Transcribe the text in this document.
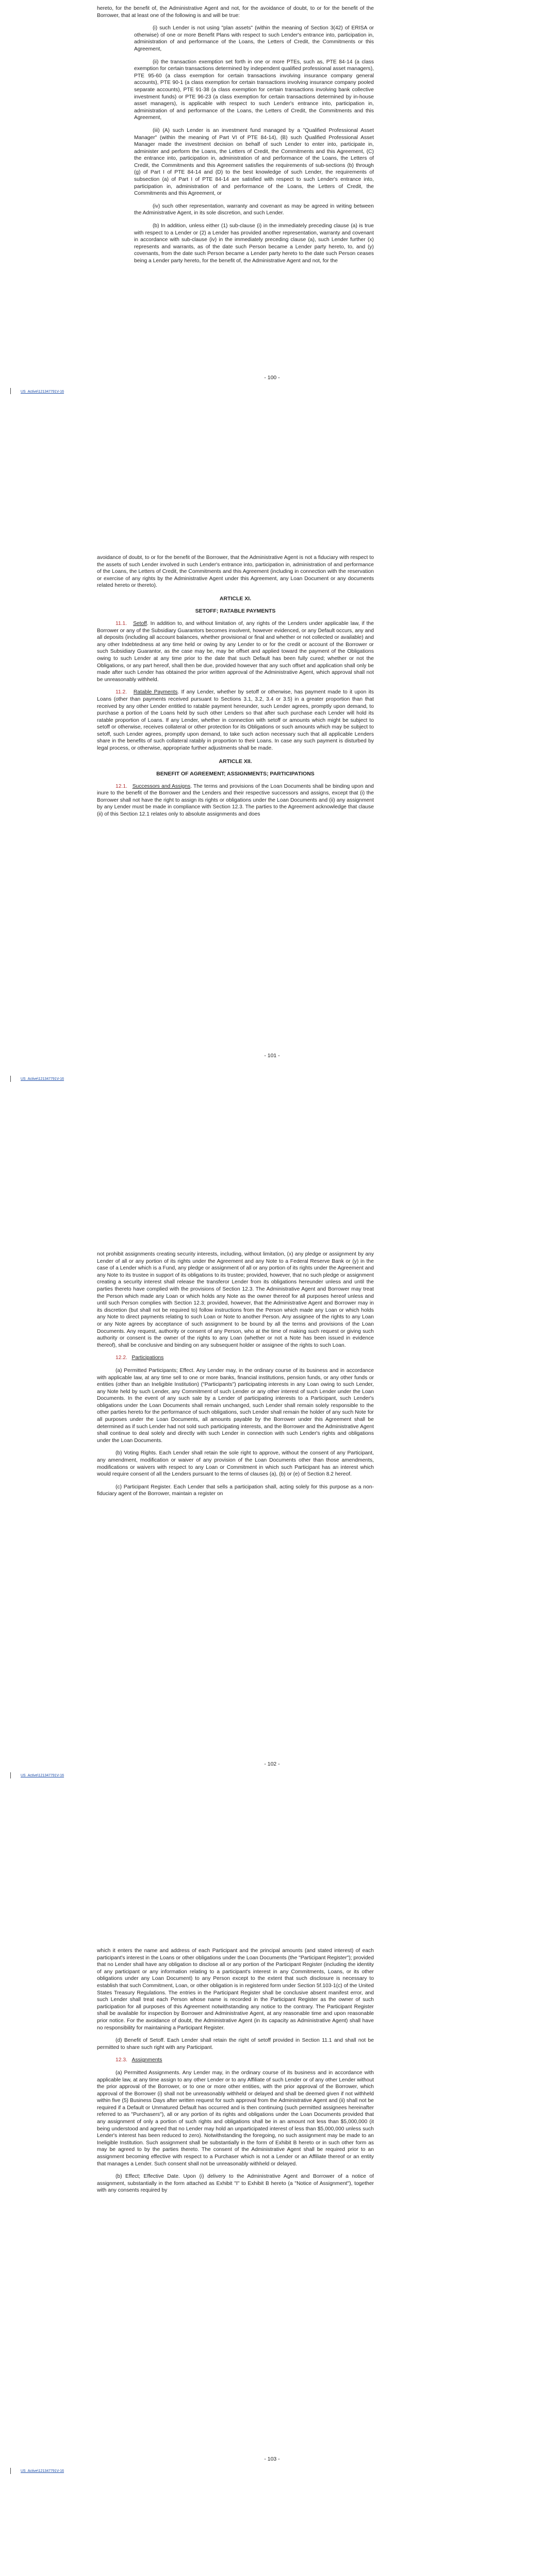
hereto, for the benefit of, the Administrative Agent and not, for the avoidance of doubt, to or for the benefit of the Borrower, that at least one of the following is and will be true:

(i) such Lender is not using "plan assets" (within the meaning of Section 3(42) of ERISA or otherwise) of one or more Benefit Plans with respect to such Lender's entrance into, participation in, administration of and performance of the Loans, the Letters of Credit, the Commitments or this Agreement,

(ii) the transaction exemption set forth in one or more PTEs, such as, PTE 84-14 (a class exemption for certain transactions determined by independent qualified professional asset managers), PTE 95-60 (a class exemption for certain transactions involving insurance company general accounts), PTE 90-1 (a class exemption for certain transactions involving insurance company pooled separate accounts), PTE 91-38 (a class exemption for certain transactions involving bank collective investment funds) or PTE 96-23 (a class exemption for certain transactions determined by in-house asset managers), is applicable with respect to such Lender's entrance into, participation in, administration of and performance of the Loans, the Letters of Credit, the Commitments and this Agreement,

(iii) (A) such Lender is an investment fund managed by a "Qualified Professional Asset Manager" (within the meaning of Part VI of PTE 84-14), (B) such Qualified Professional Asset Manager made the investment decision on behalf of such Lender to enter into, participate in, administer and perform the Loans, the Letters of Credit, the Commitments and this Agreement, (C) the entrance into, participation in, administration of and performance of the Loans, the Letters of Credit, the Commitments and this Agreement satisfies the requirements of sub-sections (b) through (g) of Part I of PTE 84-14 and (D) to the best knowledge of such Lender, the requirements of subsection (a) of Part I of PTE 84-14 are satisfied with respect to such Lender's entrance into, participation in, administration of and performance of the Loans, the Letters of Credit, the Commitments and this Agreement, or

(iv) such other representation, warranty and covenant as may be agreed in writing between the Administrative Agent, in its sole discretion, and such Lender.

(b) In addition, unless either (1) sub-clause (i) in the immediately preceding clause (a) is true with respect to a Lender or (2) a Lender has provided another representation, warranty and covenant in accordance with sub-clause (iv) in the immediately preceding clause (a), such Lender further (x) represents and warrants, as of the date such Person became a Lender party hereto, to, and (y) covenants, from the date such Person became a Lender party hereto to the date such Person ceases being a Lender party hereto, for the benefit of, the Administrative Agent and not, for the

- 100 -
US_Active\121347791V-16

avoidance of doubt, to or for the benefit of the Borrower, that the Administrative Agent is not a fiduciary with respect to the assets of such Lender involved in such Lender's entrance into, participation in, administration of and performance of the Loans, the Letters of Credit, the Commitments and this Agreement (including in connection with the reservation or exercise of any rights by the Administrative Agent under this Agreement, any Loan Document or any documents related hereto or thereto).

ARTICLE XI.
SETOFF; RATABLE PAYMENTS

11.1. Setoff. In addition to, and without limitation of, any rights of the Lenders under applicable law, if the Borrower or any of the Subsidiary Guarantors becomes insolvent, however evidenced, or any Default occurs, any and all deposits (including all account balances, whether provisional or final and whether or not collected or available) and any other Indebtedness at any time held or owing by any Lender to or for the credit or account of the Borrower or such Subsidiary Guarantor, as the case may be, may be offset and applied toward the payment of the Obligations owing to such Lender at any time prior to the date that such Default has been fully cured; whether or not the Obligations, or any part hereof, shall then be due, provided however that any such offset and application shall only be made after such Lender has obtained the prior written approval of the Administrative Agent, which approval shall not be unreasonably withheld.

11.2. Ratable Payments. If any Lender, whether by setoff or otherwise, has payment made to it upon its Loans (other than payments received pursuant to Sections 3.1, 3.2, 3.4 or 3.5) in a greater proportion than that received by any other Lender entitled to ratable payment hereunder, such Lender agrees, promptly upon demand, to purchase a portion of the Loans held by such other Lenders so that after such purchase each Lender will hold its ratable proportion of Loans. If any Lender, whether in connection with setoff or amounts which might be subject to setoff or otherwise, receives collateral or other protection for its Obligations or such amounts which may be subject to setoff, such Lender agrees, promptly upon demand, to take such action necessary such that all applicable Lenders share in the benefits of such collateral ratably in proportion to their Loans. In case any such payment is disturbed by legal process, or otherwise, appropriate further adjustments shall be made.

ARTICLE XII.
BENEFIT OF AGREEMENT; ASSIGNMENTS; PARTICIPATIONS

12.1. Successors and Assigns. The terms and provisions of the Loan Documents shall be binding upon and inure to the benefit of the Borrower and the Lenders and their respective successors and assigns, except that (i) the Borrower shall not have the right to assign its rights or obligations under the Loan Documents and (ii) any assignment by any Lender must be made in compliance with Section 12.3. The parties to the Agreement acknowledge that clause (ii) of this Section 12.1 relates only to absolute assignments and does

- 101 -
US_Active\121347791V-16

not prohibit assignments creating security interests, including, without limitation, (x) any pledge or assignment by any Lender of all or any portion of its rights under the Agreement and any Note to a Federal Reserve Bank or (y) in the case of a Lender which is a Fund, any pledge or assignment of all or any portion of its rights under the Agreement and any Note to its trustee in support of its obligations to its trustee; provided, however, that no such pledge or assignment creating a security interest shall release the transferor Lender from its obligations hereunder unless and until the parties thereto have complied with the provisions of Section 12.3. The Administrative Agent and Borrower may treat the Person which made any Loan or which holds any Note as the owner thereof for all purposes hereof unless and until such Person complies with Section 12.3; provided, however, that the Administrative Agent and Borrower may in its discretion (but shall not be required to) follow instructions from the Person which made any Loan or which holds any Note to direct payments relating to such Loan or Note to another Person. Any assignee of the rights to any Loan or any Note agrees by acceptance of such assignment to be bound by all the terms and provisions of the Loan Documents. Any request, authority or consent of any Person, who at the time of making such request or giving such authority or consent is the owner of the rights to any Loan (whether or not a Note has been issued in evidence thereof), shall be conclusive and binding on any subsequent holder or assignee of the rights to such Loan.

12.2. Participations

(a) Permitted Participants; Effect. Any Lender may, in the ordinary course of its business and in accordance with applicable law, at any time sell to one or more banks, financial institutions, pension funds, or any other funds or entities (other than an Ineligible Institution) ("Participants") participating interests in any Loan owing to such Lender, any Note held by such Lender, any Commitment of such Lender or any other interest of such Lender under the Loan Documents. In the event of any such sale by a Lender of participating interests to a Participant, such Lender's obligations under the Loan Documents shall remain unchanged, such Lender shall remain solely responsible to the other parties hereto for the performance of such obligations, such Lender shall remain the holder of any such Note for all purposes under the Loan Documents, all amounts payable by the Borrower under this Agreement shall be determined as if such Lender had not sold such participating interests, and the Borrower and the Administrative Agent shall continue to deal solely and directly with such Lender in connection with such Lender's rights and obligations under the Loan Documents.

(b) Voting Rights. Each Lender shall retain the sole right to approve, without the consent of any Participant, any amendment, modification or waiver of any provision of the Loan Documents other than those amendments, modifications or waivers with respect to any Loan or Commitment in which such Participant has an interest which would require consent of all the Lenders pursuant to the terms of clauses (a), (b) or (e) of Section 8.2 hereof.

(c) Participant Register. Each Lender that sells a participation shall, acting solely for this purpose as a non-fiduciary agent of the Borrower, maintain a register on

- 102 -
US_Active\121347791V-16

which it enters the name and address of each Participant and the principal amounts (and stated interest) of each participant's interest in the Loans or other obligations under the Loan Documents (the "Participant Register"); provided that no Lender shall have any obligation to disclose all or any portion of the Participant Register (including the identity of any participant or any information relating to a participant's interest in any Commitments, Loans, or its other obligations under any Loan Document) to any Person except to the extent that such disclosure is necessary to establish that such Commitment, Loan, or other obligation is in registered form under Section 5f.103-1(c) of the United States Treasury Regulations. The entries in the Participant Register shall be conclusive absent manifest error, and such Lender shall treat each Person whose name is recorded in the Participant Register as the owner of such participation for all purposes of this Agreement notwithstanding any notice to the contrary. The Participant Register shall be available for inspection by Borrower and Administrative Agent, at any reasonable time and upon reasonable prior notice. For the avoidance of doubt, the Administrative Agent (in its capacity as Administrative Agent) shall have no responsibility for maintaining a Participant Register.

(d) Benefit of Setoff. Each Lender shall retain the right of setoff provided in Section 11.1 and shall not be permitted to share such right with any Participant.

12.3. Assignments

(a) Permitted Assignments. Any Lender may, in the ordinary course of its business and in accordance with applicable law, at any time assign to any other Lender or to any Affiliate of such Lender or of any other Lender without the prior approval of the Borrower, or to one or more other entities, with the prior approval of the Borrower, which approval of the Borrower (i) shall not be unreasonably withheld or delayed and shall be deemed given if not withheld within five (5) Business Days after written request for such approval from the Administrative Agent and (ii) shall not be required if a Default or Unmatured Default has occurred and is then continuing (such permitted assignees hereinafter referred to as "Purchasers"), all or any portion of its rights and obligations under the Loan Documents provided that any assignment of only a portion of such rights and obligations shall be in an amount not less than $5,000,000 (it being understood and agreed that no Lender may hold an unparticipated interest of less than $5,000,000 unless such Lender's interest has been reduced to zero). Notwithstanding the foregoing, no such assignment may be made to an Ineligible Institution. Such assignment shall be substantially in the form of Exhibit B hereto or in such other form as may be agreed to by the parties thereto. The consent of the Administrative Agent shall be required prior to an assignment becoming effective with respect to a Purchaser which is not a Lender or an Affiliate thereof or an entity that manages a Lender. Such consent shall not be unreasonably withheld or delayed.

(b) Effect; Effective Date. Upon (i) delivery to the Administrative Agent and Borrower of a notice of assignment, substantially in the form attached as Exhibit "I" to Exhibit B hereto (a "Notice of Assignment"), together with any consents required by

- 103 -
US_Active\121347791V-16
